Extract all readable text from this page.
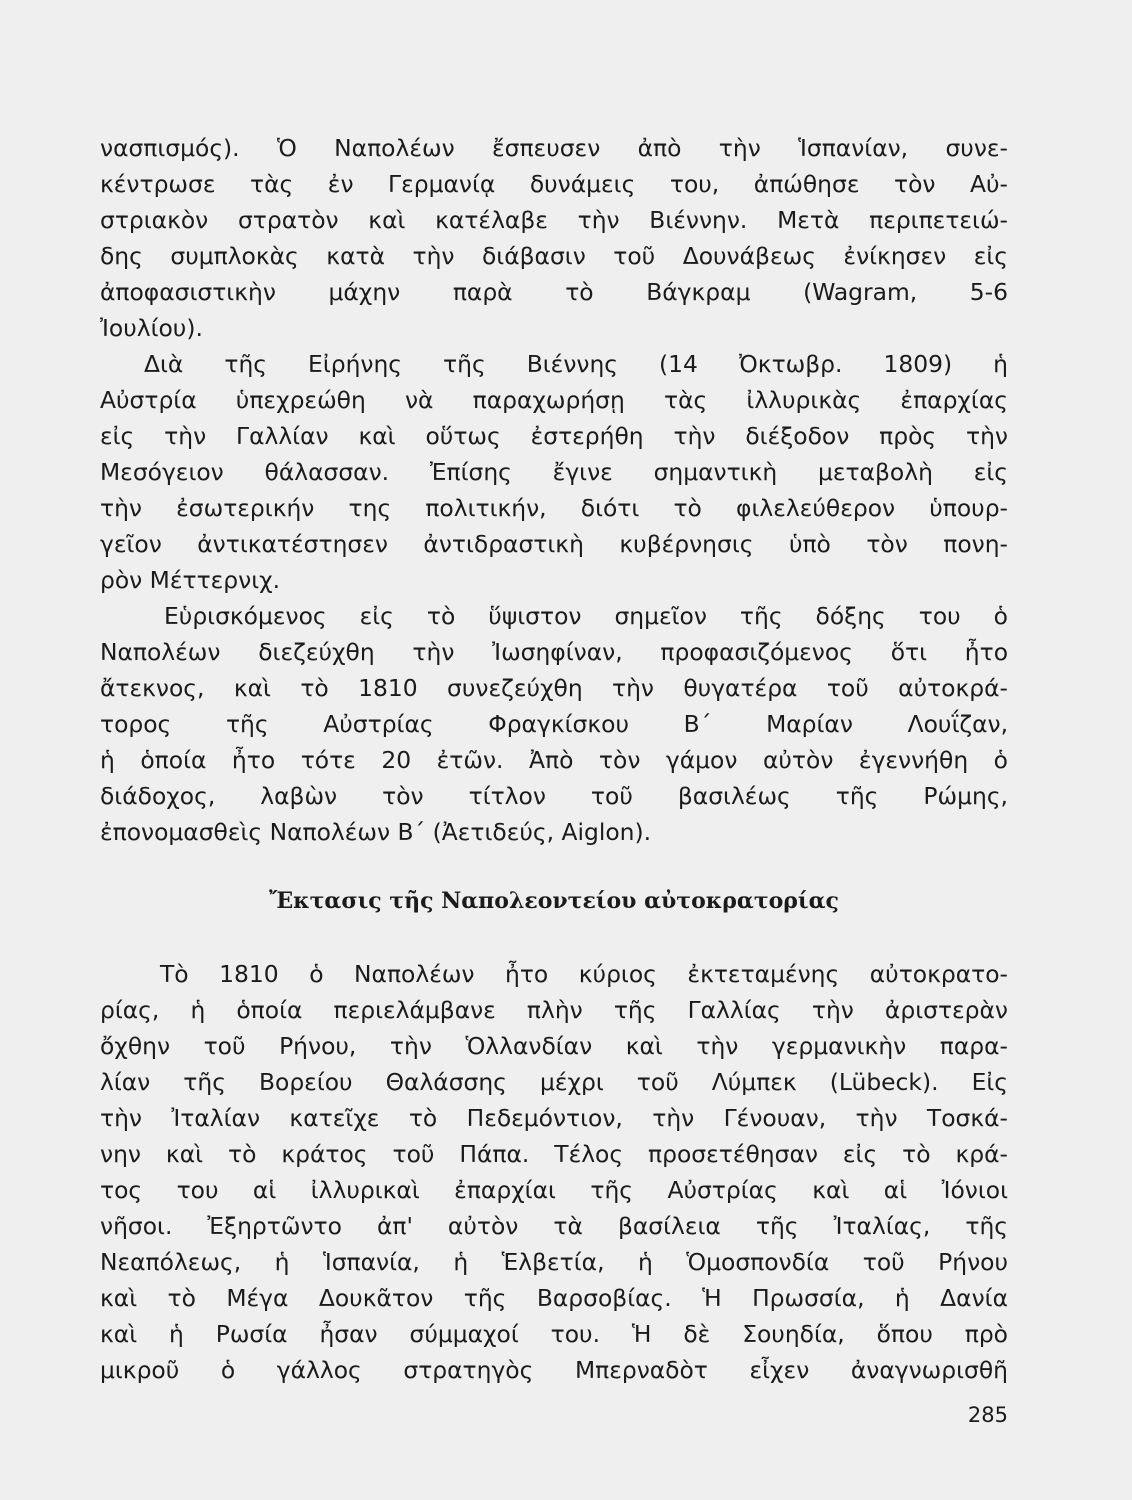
νασπισμός). Ὁ Ναπολέων ἔσπευσεν ἀπὸ τὴν Ἱσπανίαν, συνε-
κέντρωσε τὰς ἐν Γερμανίᾳ δυνάμεις του, ἀπώθησε τὸν Αὐ-
στριακὸν στρατὸν καὶ κατέλαβε τὴν Βιέννην. Μετὰ περιπετειώ-
δης συμπλοκὰς κατὰ τὴν διάβασιν τοῦ Δουνάβεως ἐνίκησεν εἰς
ἀποφασιστικὴν μάχην παρὰ τὸ Βάγκραμ (Wagram, 5-6
Ἰουλίου).
Διὰ τῆς Εἰρήνης τῆς Βιέννης (14 Ὀκτωβρ. 1809) ἡ
Αὐστρία ὑπεχρεώθη νὰ παραχωρήσῃ τὰς ἰλλυρικὰς ἐπαρχίας
εἰς τὴν Γαλλίαν καὶ οὕτως ἐστερήθη τὴν διέξοδον πρὸς τὴν
Μεσόγειον θάλασσαν. Ἐπίσης ἔγινε σημαντικὴ μεταβολὴ εἰς
τὴν ἐσωτερικήν της πολιτικήν, διότι τὸ φιλελεύθερον ὑπουρ-
γεῖον ἀντικατέστησεν ἀντιδραστικὴ κυβέρνησις ὑπὸ τὸν πονη-
ρὸν Μέττερνιχ.
Εὑρισκόμενος εἰς τὸ ὕψιστον σημεῖον τῆς δόξης του ὁ
Ναπολέων διεζεύχθη τὴν Ἰωσηφίναν, προφασιζόμενος ὅτι ἦτο
ἄτεκνος, καὶ τὸ 1810 συνεζεύχθη τὴν θυγατέρα τοῦ αὐτοκρά-
τορος τῆς Αὐστρίας Φραγκίσκου Β΄ Μαρίαν Λουΐζαν,
ἡ ὁποία ἦτο τότε 20 ἐτῶν. Ἀπὸ τὸν γάμον αὐτὸν ἐγεννήθη ὁ
διάδοχος, λαβὼν τὸν τίτλον τοῦ βασιλέως τῆς Ρώμης,
ἐπονομασθεὶς Ναπολέων Β΄ (Ἀετιδεύς, Aiglon).
Ἔκτασις τῆς Ναπολεοντείου αὐτοκρατορίας
Τὸ 1810 ὁ Ναπολέων ἦτο κύριος ἐκτεταμένης αὐτοκρατο-
ρίας, ἡ ὁποία περιελάμβανε πλὴν τῆς Γαλλίας τὴν ἀριστερὰν
ὄχθην τοῦ Ρήνου, τὴν Ὁλλανδίαν καὶ τὴν γερμανικὴν παρα-
λίαν τῆς Βορείου Θαλάσσης μέχρι τοῦ Λύμπεκ (Lübeck). Εἰς
τὴν Ἰταλίαν κατεῖχε τὸ Πεδεμόντιον, τὴν Γένουαν, τὴν Τοσκά-
νην καὶ τὸ κράτος τοῦ Πάπα. Τέλος προσετέθησαν εἰς τὸ κρά-
τος του αἱ ἰλλυρικαὶ ἐπαρχίαι τῆς Αὐστρίας καὶ αἱ Ἰόνιοι
νῆσοι. Ἐξηρτῶντο ἀπ' αὐτὸν τὰ βασίλεια τῆς Ἰταλίας, τῆς
Νεαπόλεως, ἡ Ἱσπανία, ἡ Ἑλβετία, ἡ Ὁμοσπονδία τοῦ Ρήνου
καὶ τὸ Μέγα Δουκᾶτον τῆς Βαρσοβίας. Ἡ Πρωσσία, ἡ Δανία
καὶ ἡ Ρωσία ἦσαν σύμμαχοί του. Ἡ δὲ Σουηδία, ὅπου πρὸ
μικροῦ ὁ γάλλος στρατηγὸς Μπερναδὸτ εἶχεν ἀναγνωρισθῆ
285
